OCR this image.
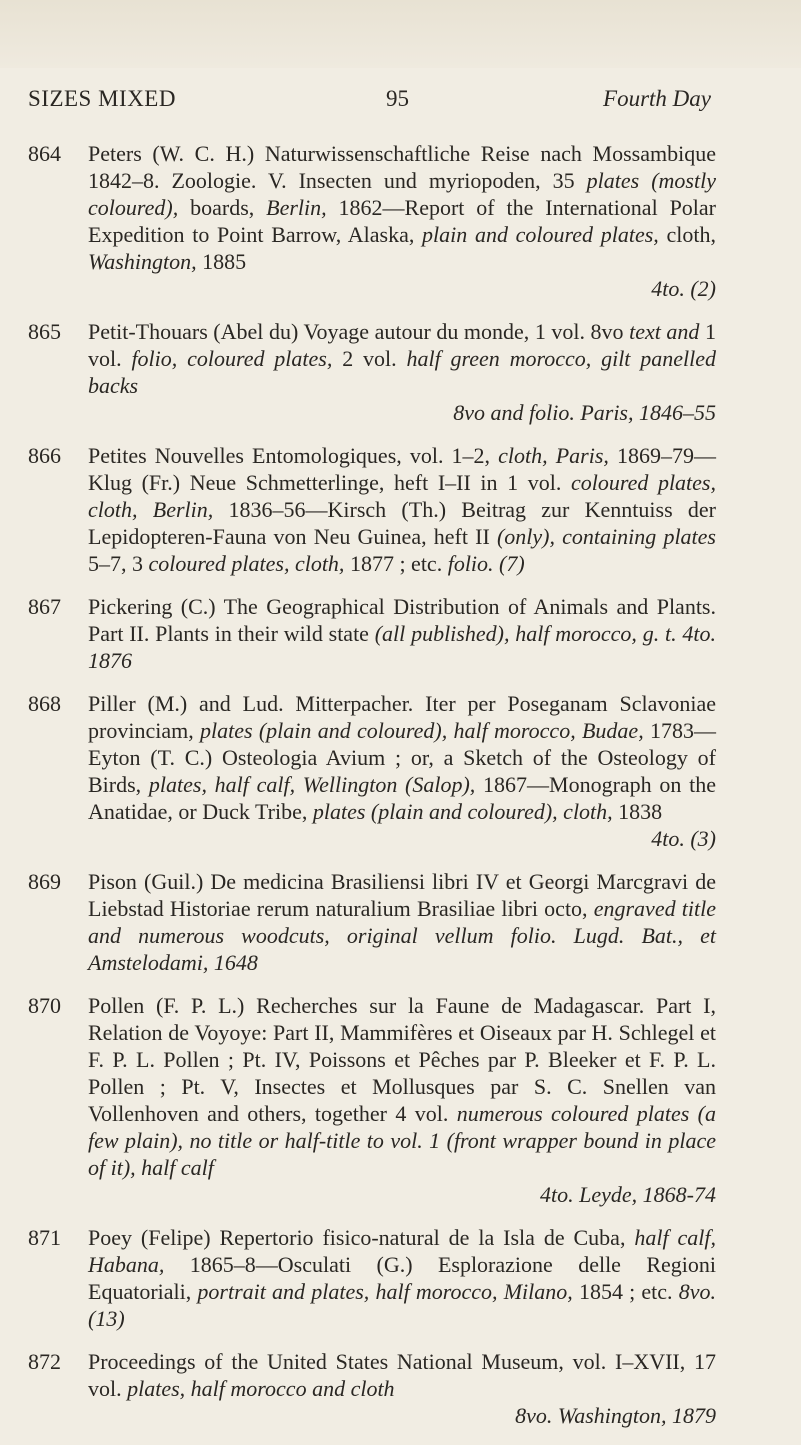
SIZES MIXED	95	Fourth Day
864 Peters (W. C. H.) Naturwissenschaftliche Reise nach Mossambique 1842–8. Zoologie. V. Insecten und myriopoden, 35 plates (mostly coloured), boards, Berlin, 1862—Report of the International Polar Expedition to Point Barrow, Alaska, plain and coloured plates, cloth, Washington, 1885
4to. (2)
865 Petit-Thouars (Abel du) Voyage autour du monde, 1 vol. 8vo text and 1 vol. folio, coloured plates, 2 vol. half green morocco, gilt panelled backs
8vo and folio. Paris, 1846–55
866 Petites Nouvelles Entomologiques, vol. 1–2, cloth, Paris, 1869–79—Klug (Fr.) Neue Schmetterlinge, heft I–II in 1 vol. coloured plates, cloth, Berlin, 1836–56—Kirsch (Th.) Beitrag zur Kenntuiss der Lepidopteren-Fauna von Neu Guinea, heft II (only), containing plates 5–7, 3 coloured plates, cloth, 1877 ; etc. folio. (7)
867 Pickering (C.) The Geographical Distribution of Animals and Plants. Part II. Plants in their wild state (all published), half morocco, g. t. 4to. 1876
868 Piller (M.) and Lud. Mitterpacher. Iter per Poseganam Sclavoniae provinciam, plates (plain and coloured), half morocco, Budae, 1783—Eyton (T. C.) Osteologia Avium ; or, a Sketch of the Osteology of Birds, plates, half calf, Wellington (Salop), 1867—Monograph on the Anatidae, or Duck Tribe, plates (plain and coloured), cloth, 1838
4to. (3)
869 Pison (Guil.) De medicina Brasiliensi libri IV et Georgi Marcgravi de Liebstad Historiae rerum naturalium Brasiliae libri octo, engraved title and numerous woodcuts, original vellum folio. Lugd. Bat., et Amstelodami, 1648
870 Pollen (F. P. L.) Recherches sur la Faune de Madagascar. Part I, Relation de Voyoye: Part II, Mammifères et Oiseaux par H. Schlegel et F. P. L. Pollen ; Pt. IV, Poissons et Pêches par P. Bleeker et F. P. L. Pollen ; Pt. V, Insectes et Mollusques par S. C. Snellen van Vollenhoven and others, together 4 vol. numerous coloured plates (a few plain), no title or half-title to vol. 1 (front wrapper bound in place of it), half calf
4to. Leyde, 1868-74
871 Poey (Felipe) Repertorio fisico-natural de la Isla de Cuba, half calf, Habana, 1865–8—Osculati (G.) Esplorazione delle Regioni Equatoriali, portrait and plates, half morocco, Milano, 1854 ; etc. 8vo. (13)
872 Proceedings of the United States National Museum, vol. I–XVII, 17 vol. plates, half morocco and cloth
8vo. Washington, 1879
